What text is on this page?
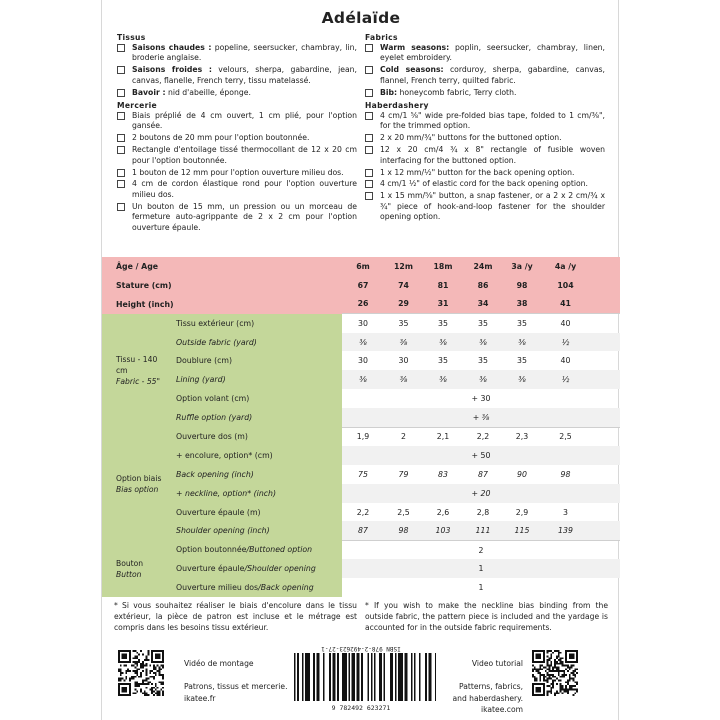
Adélaïde
Tissus
Saisons chaudes : popeline, seersucker, chambray, lin, broderie anglaise.
Saisons froides : velours, sherpa, gabardine, jean, canvas, flanelle, French terry, tissu matelassé.
Bavoir : nid d'abeille, éponge.
Mercerie
Biais préplié de 4 cm ouvert, 1 cm plié, pour l'option gansée.
2 boutons de 20 mm pour l'option boutonnée.
Rectangle d'entoilage tissé thermocollant de 12 x 20 cm pour l'option boutonnée.
1 bouton de 12 mm pour l'option ouverture milieu dos.
4 cm de cordon élastique rond pour l'option ouverture milieu dos.
Un bouton de 15 mm, un pression ou un morceau de fermeture auto-agrippante de 2 x 2 cm pour l'option ouverture épaule.
Fabrics
Warm seasons: poplin, seersucker, chambray, linen, eyelet embroidery.
Cold seasons: corduroy, sherpa, gabardine, canvas, flannel, French terry, quilted fabric.
Bib: honeycomb fabric, Terry cloth.
Haberdashery
4 cm/1 ⅝" wide pre-folded bias tape, folded to 1 cm/⅜", for the trimmed option.
2 x 20 mm/¾" buttons for the buttoned option.
12 x 20 cm/4 ¾ x 8" rectangle of fusible woven interfacing for the buttoned option.
1 x 12 mm/½" button for the back opening option.
4 cm/1 ½" of elastic cord for the back opening option.
1 x 15 mm/⅝" button, a snap fastener, or a 2 x 2 cm/¾ x ¾" piece of hook-and-loop fastener for the shoulder opening option.
Âge / Age		6m	12m	18m	24m	3a /y	4a /y	
Stature (cm)		67	74	81	86	98	104	
Height (inch)		26	29	31	34	38	41	

Tissu - 140 cm
Fabric - 55"	Tissu extérieur (cm)	30	35	35	35	35	40	
	Outside fabric (yard)	⅜	⅜	⅜	⅜	⅜	½	
	Doublure (cm)	30	30	35	35	35	40	
	Lining (yard)	⅜	⅜	⅜	⅜	⅜	½	
	Option volant (cm)	+ 30						
	Ruffle option (yard)	+ ⅜						

Option biais
Bias option	Ouverture dos (m)	1,9	2	2,1	2,2	2,3	2,5	
	+ encolure, option* (cm)	+ 50						
	Back opening (inch)	75	79	83	87	90	98	
	+ neckline, option* (inch)	+ 20						
	Ouverture épaule (m)	2,2	2,5	2,6	2,8	2,9	3	
	Shoulder opening (inch)	87	98	103	111	115	139	

Bouton
Button	Option boutonnée/Buttoned option	2						
	Ouverture épaule/Shoulder opening	1						
	Ouverture milieu dos/Back opening	1						
* Si vous souhaitez réaliser le biais d'encolure dans le tissu extérieur, la pièce de patron est incluse et le métrage est compris dans les besoins tissu extérieur.
* If you wish to make the neckline bias binding from the outside fabric, the pattern piece is included and the yardage is accounted for in the outside fabric requirements.
Vidéo de montage
Patrons, tissus et mercerie.
ikatee.fr
ISBN 978-2-492623-27-1
9 782492 623271
Video tutorial
Patterns, fabrics,
and haberdashery.
ikatee.com
